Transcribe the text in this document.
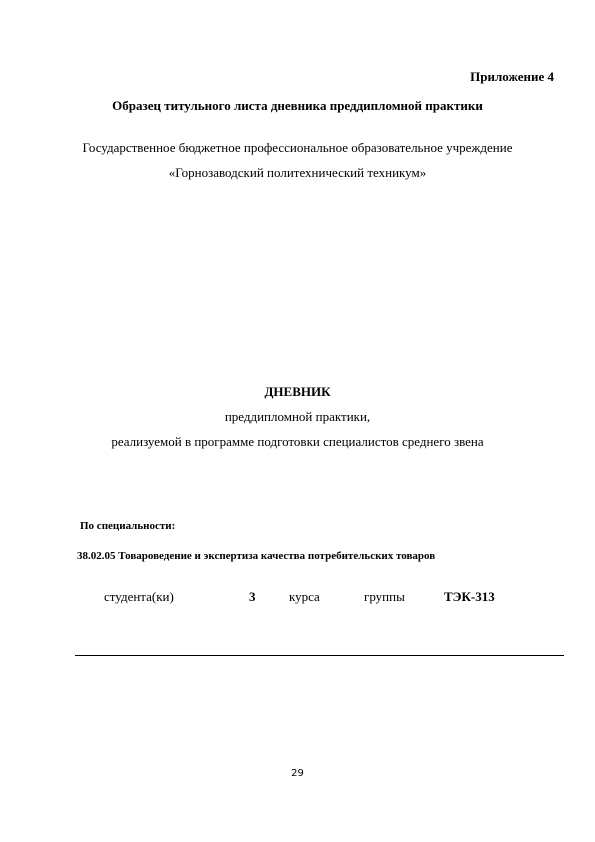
Приложение 4
Образец титульного листа дневника преддипломной практики
Государственное бюджетное профессиональное образовательное учреждение
«Горнозаводский политехнический техникум»
ДНЕВНИК
преддипломной практики,
реализуемой в программе подготовки специалистов среднего звена
По специальности:
38.02.05 Товароведение и экспертиза качества потребительских товаров
студента(ки)	3	курса	группы	ТЭК-313
29
